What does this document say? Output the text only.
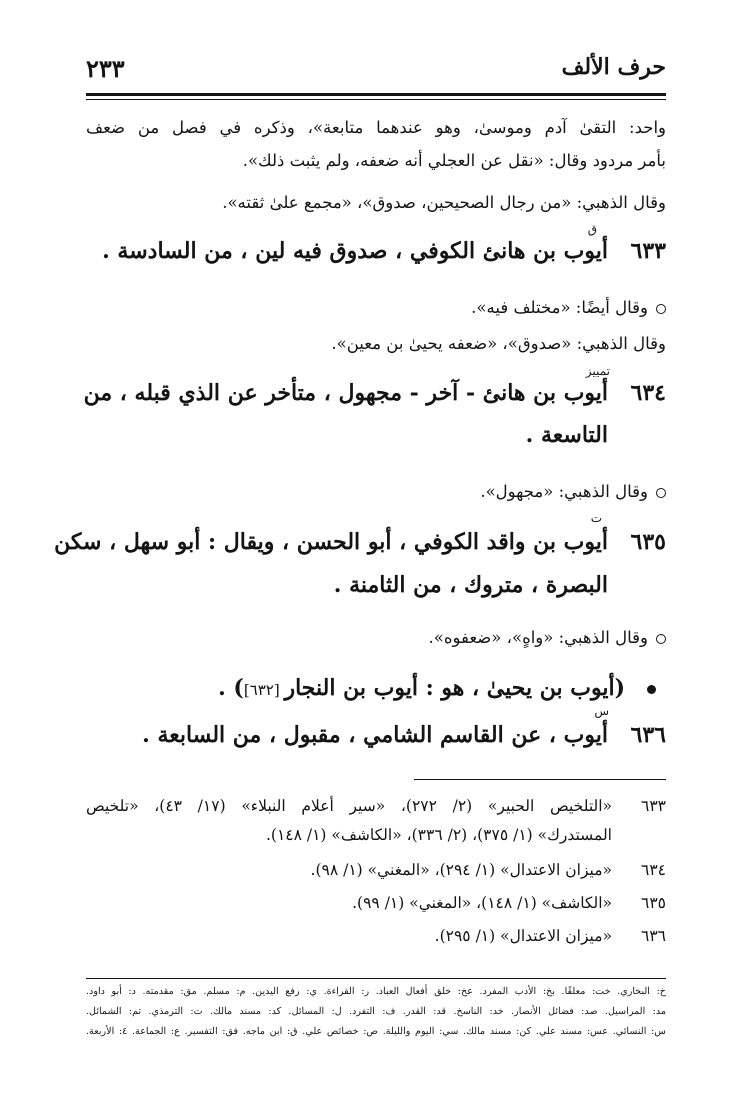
حرف الألف
٢٣٣
واحد: التقىٰ آدم وموسىٰ، وهو عندهما متابعة»، وذكره في فصل من ضعف
بأمر مردود وقال: «نقل عن العجلي أنه ضعفه، ولم يثبت ذلك».
وقال الذهبي: «من رجال الصحيحين، صدوق»، «مجمع علىٰ ثقته».
ق
٦٣٣
أيوب بن هانئ الكوفي ، صدوق فيه لين ، من السادسة .
وقال أيضًا: «مختلف فيه».
وقال الذهبي: «صدوق»، «ضعفه يحيىٰ بن معين».
تمييز
٦٣٤
أيوب بن هانئ - آخر - مجهول ، متأخر عن الذي قبله ، من
التاسعة .
وقال الذهبي: «مجهول».
ت
٦٣٥
أيوب بن واقد الكوفي ، أبو الحسن ، ويقال : أبو سهل ، سكن
البصرة ، متروك ، من الثامنة .
وقال الذهبي: «واهٍ»، «ضعفوه».
(أيوب بن يحيىٰ ، هو : أيوب بن النجار [٦٣٢]) .
س
٦٣٦
أيوب ، عن القاسم الشامي ، مقبول ، من السابعة .
٦٣٣«التلخيص الحبير» (٢/ ٢٧٢)، «سير أعلام النبلاء» (١٧/ ٤٣)، «تلخيص
المستدرك» (١/ ٣٧٥)، (٢/ ٣٣٦)، «الكاشف» (١/ ١٤٨).
٦٣٤«ميزان الاعتدال» (١/ ٢٩٤)، «المغني» (١/ ٩٨).
٦٣٥«الكاشف» (١/ ١٤٨)، «المغني» (١/ ٩٩).
٦٣٦«ميزان الاعتدال» (١/ ٢٩٥).
خ: البخاري. خت: معلقًا. بخ: الأدب المفرد. عخ: خلق أفعال العباد. ر: القراءة. ي: رفع اليدين. م: مسلم. مق: مقدمته. د: أبو داود.
مد: المراسيل. صد: فضائل الأنصار. خد: الناسخ. قد: القدر. ف: التفرد. ل: المسائل. كد: مسند مالك. ت: الترمذي. تم: الشمائل.
س: النسائي. عس: مسند علي. كن: مسند مالك. سي: اليوم والليلة. ص: خصائص علي. ق: ابن ماجه. فق: التفسير. ع: الجماعة. ٤: الأربعة.
